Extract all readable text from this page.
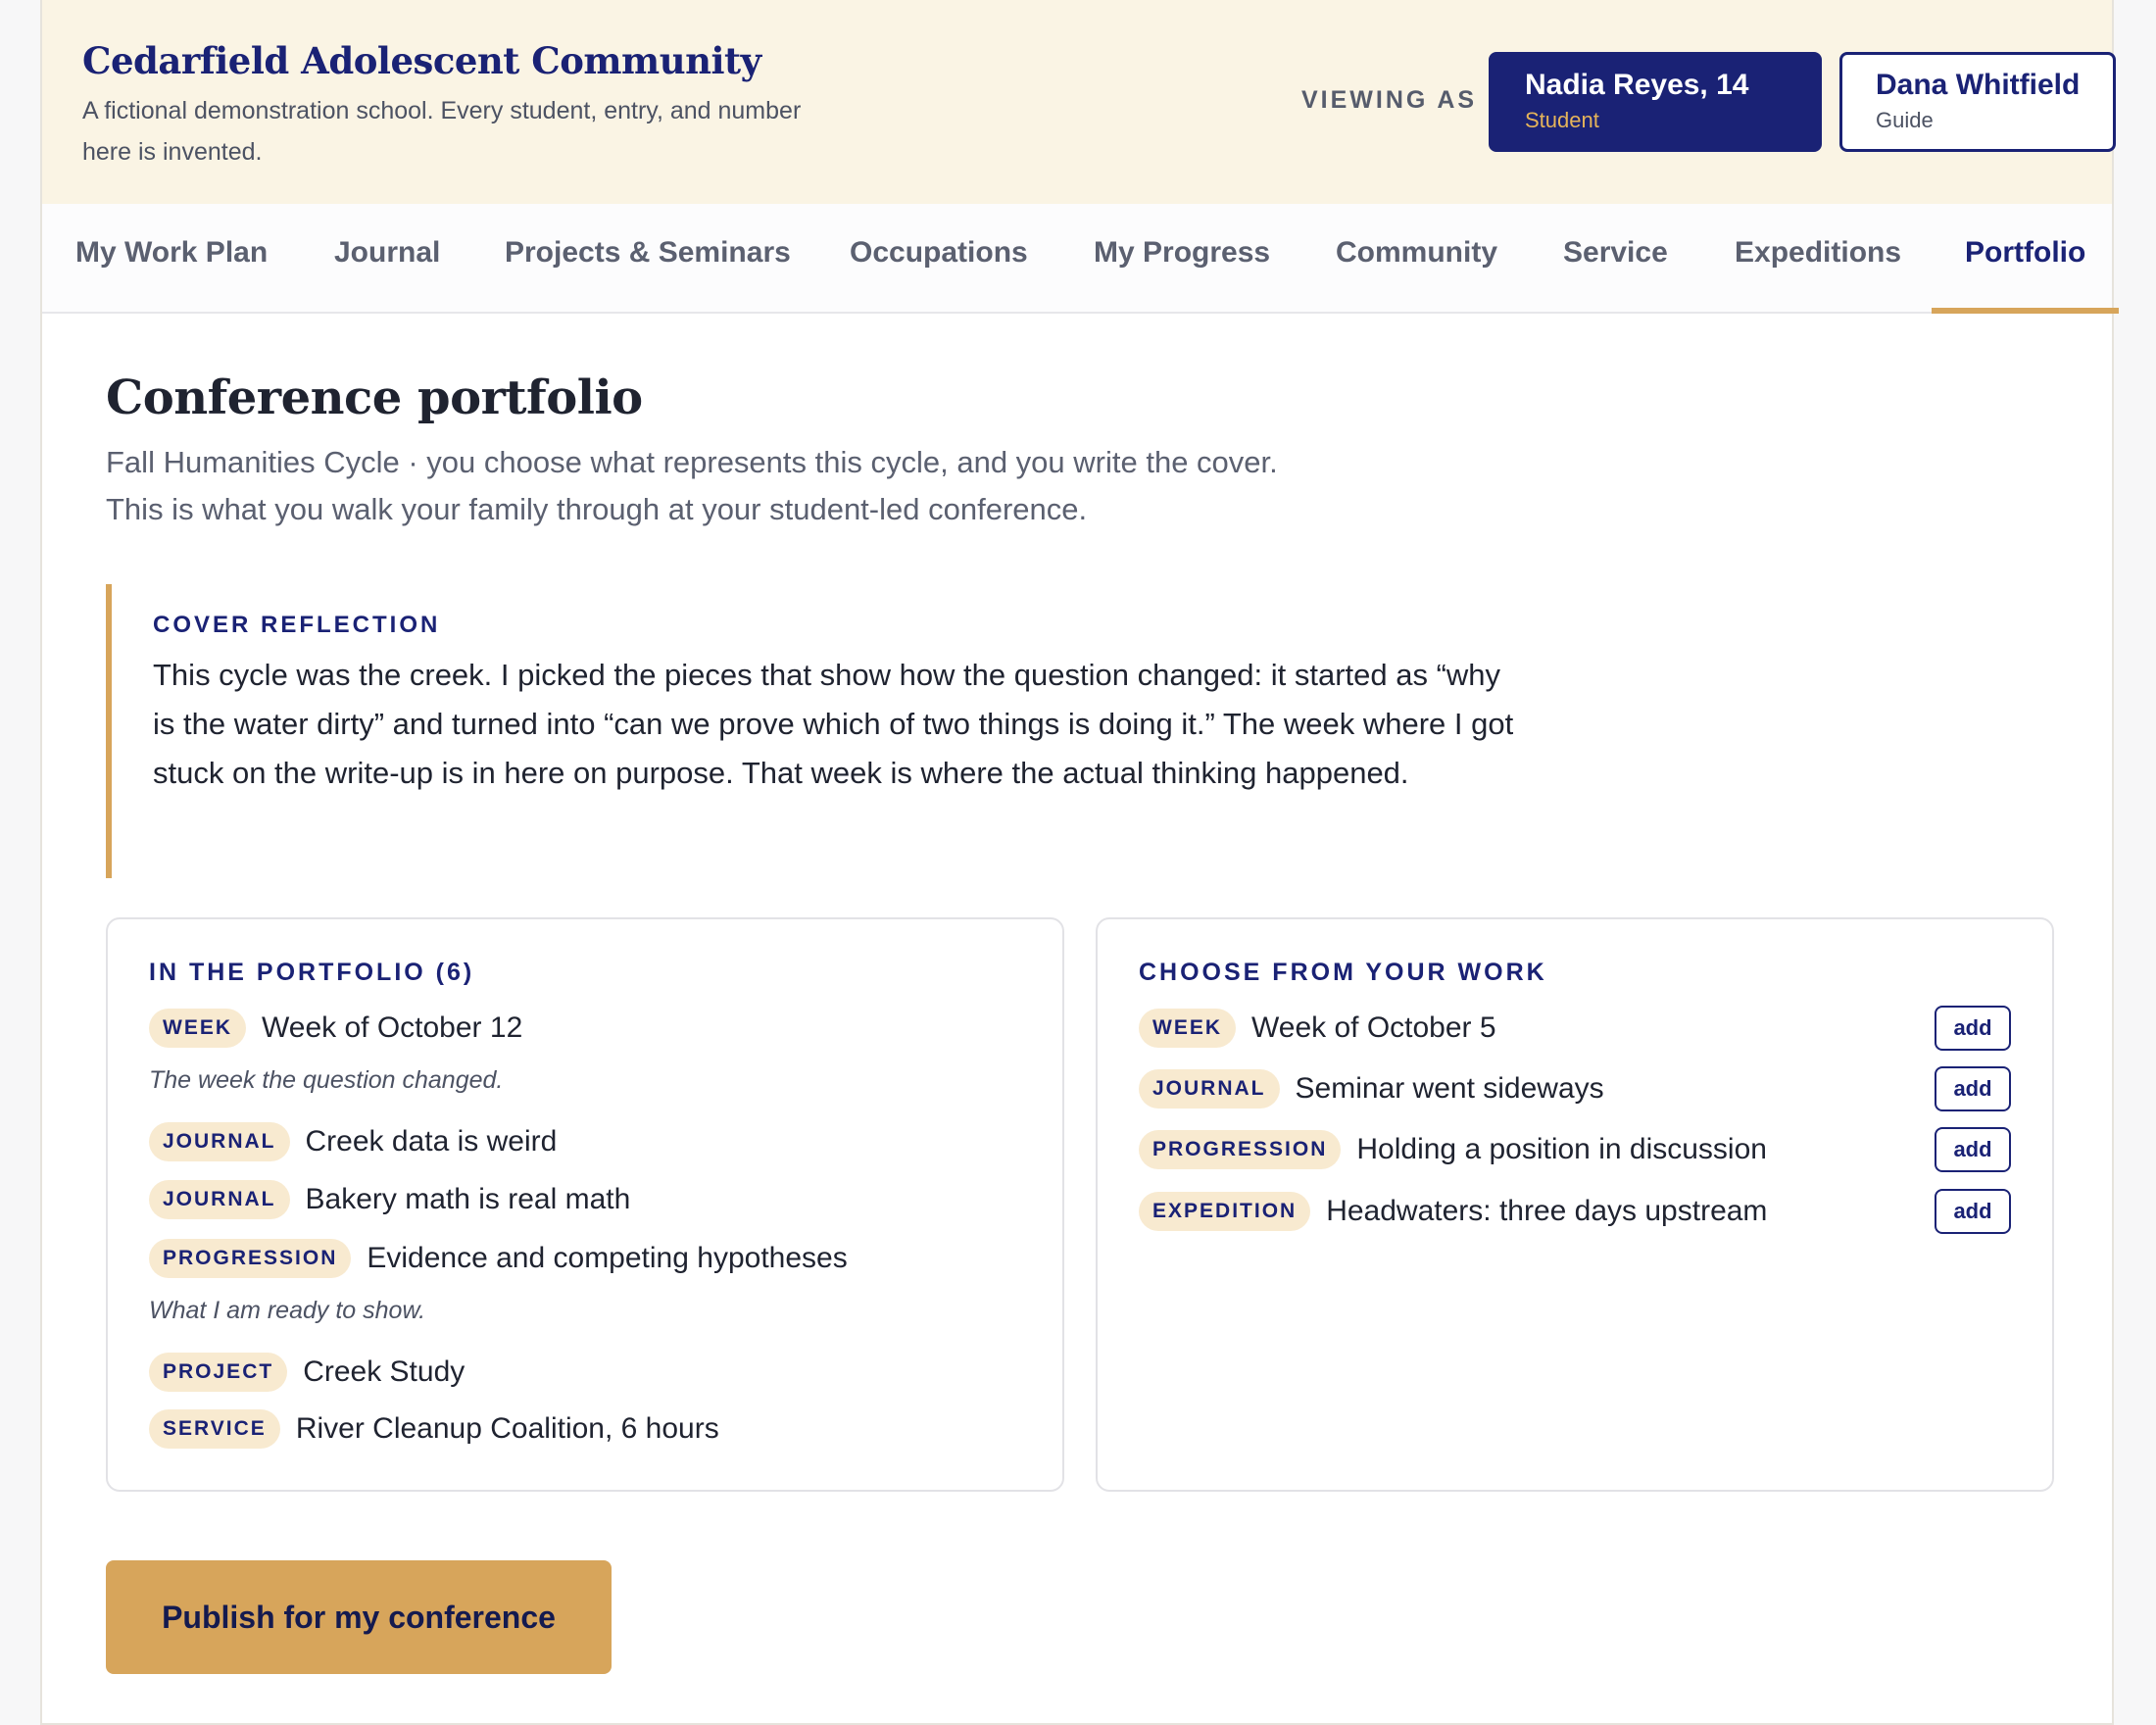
Cedarfield Adolescent Community
A fictional demonstration school. Every student, entry, and number here is invented.
VIEWING AS Nadia Reyes, 14
Student
Dana Whitfield
Guide
My Work Plan Journal Projects & Seminars Occupations My Progress Community Service Expeditions Portfolio
Conference portfolio
Fall Humanities Cycle · you choose what represents this cycle, and you write the cover. This is what you walk your family through at your student-led conference.
COVER REFLECTION
This cycle was the creek. I picked the pieces that show how the question changed: it started as “why is the water dirty” and turned into “can we prove which of two things is doing it.” The week where I got stuck on the write-up is in here on purpose. That week is where the actual thinking happened.
IN THE PORTFOLIO (6)
WEEK	Week of October 12
The week the question changed.
JOURNAL	Creek data is weird
JOURNAL	Bakery math is real math
PROGRESSION	Evidence and competing hypotheses
What I am ready to show.
PROJECT	Creek Study
SERVICE	River Cleanup Coalition, 6 hours
CHOOSE FROM YOUR WORK
WEEK	Week of October 5	add
JOURNAL	Seminar went sideways	add
PROGRESSION	Holding a position in discussion	add
EXPEDITION	Headwaters: three days upstream	add
Publish for my conference
